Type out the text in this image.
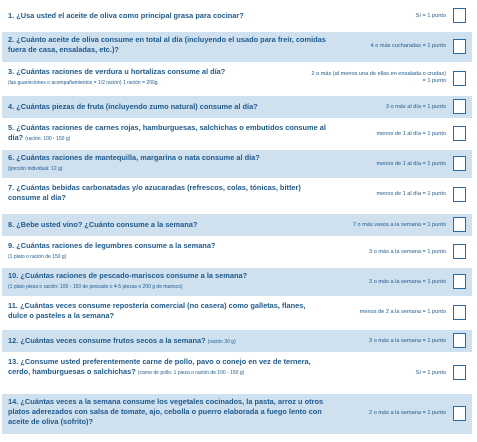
1. ¿Usa usted el aceite de oliva como principal grasa para cocinar?	Sí = 1 punto
2. ¿Cuánto aceite de oliva consume en total al día (incluyendo el usado para freír, comidas fuera de casa, ensaladas, etc.)?	4 o más cucharadas = 1 punto
3. ¿Cuántas raciones de verdura u hortalizas consume al día?
(las guarniciones o acompañamientos = 1/2 ración) 1 ración = 200g.
2 o más (al menos una de ellas en ensalada o crudas) = 1 punto
4. ¿Cuántas piezas de fruta (incluyendo zumo natural) consume al día?	3 o más al día = 1 punto
5. ¿Cuántas raciones de carnes rojas, hamburguesas, salchichas o embutidos consume al día? (ración: 100 - 150 g)
menos de 1 al día = 1 punto
6. ¿Cuántas raciones de mantequilla, margarina o nata consume al día?
(porción individual: 12 g)
menos de 1 al día = 1 punto
7. ¿Cuántas bebidas carbonatadas y/o azucaradas (refrescos, colas, tónicas, bitter) consume al día?	menos de 1 al día = 1 punto
8. ¿Bebe usted vino? ¿Cuánto consume a la semana?	7 o más vasos a la semana = 1 punto
9. ¿Cuántas raciones de legumbres consume a la semana?
(1 plato o ración de 150 g)
3 o más a la semana = 1 punto
10. ¿Cuántas raciones de pescado-mariscos consume a la semana?
(1 plato pieza o ración: 100 - 150 de pescado o 4-5 piezas o 200 g de marisco)
3 o más a la semana = 1 punto
11. ¿Cuántas veces consume repostería comercial (no casera) como galletas, flanes, dulce o pasteles a la semana?	menos de 2 a la semana = 1 punto
12. ¿Cuántas veces consume frutos secos a la semana? (ración 30 g)	3 o más a la semana = 1 punto
13. ¿Consume usted preferentemente carne de pollo, pavo o conejo en vez de ternera, cerdo, hamburguesas o salchichas? (carne de pollo: 1 pieza o ración de 100 - 150 g)	Sí = 1 punto
14. ¿Cuántas veces a la semana consume los vegetales cocinados, la pasta, arroz u otros platos aderezados con salsa de tomate, ajo, cebolla o puerro elaborada a fuego lento con aceite de oliva (sofrito)?
2 o más a la semana = 1 punto
